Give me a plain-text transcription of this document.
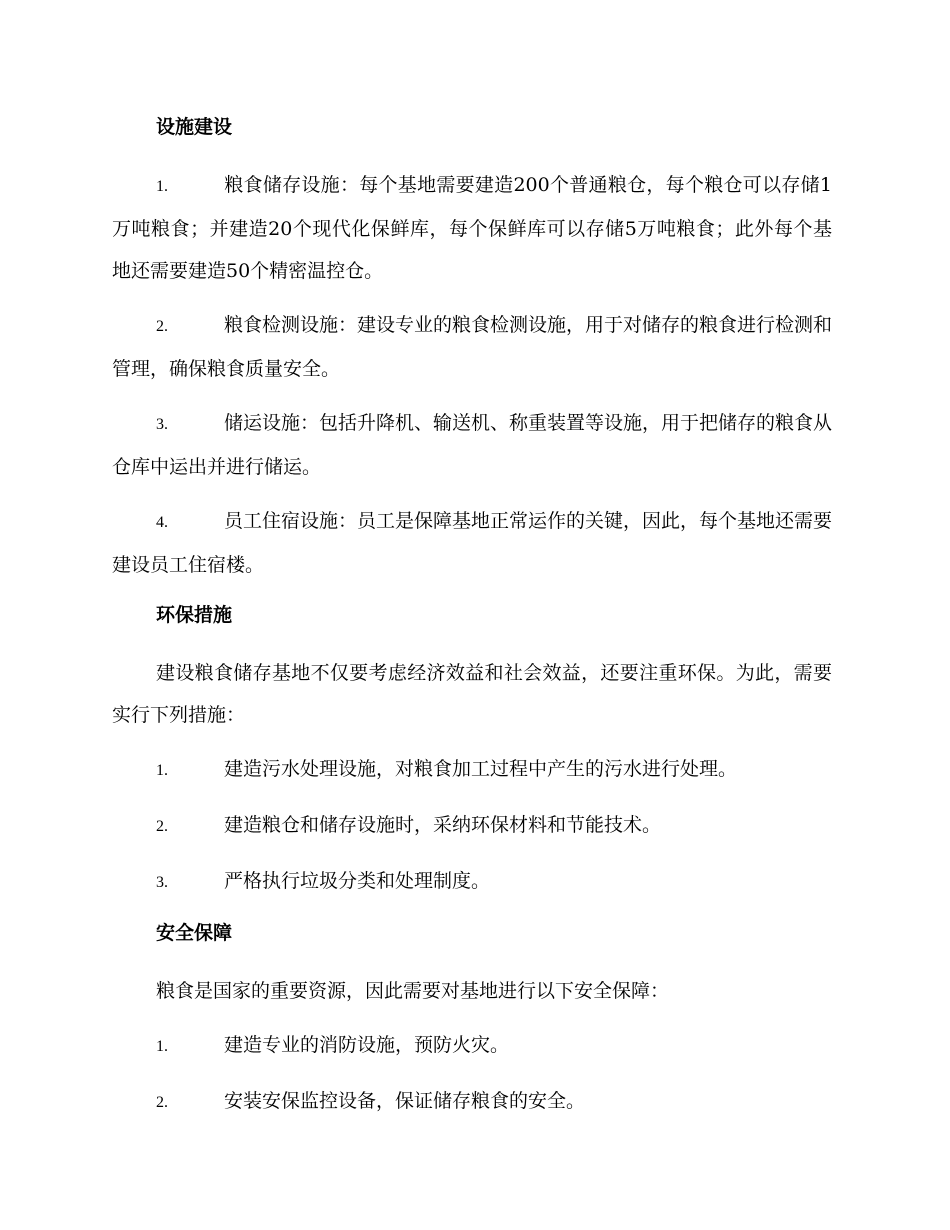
设施建设
1.	粮食储存设施：每个基地需要建造200个普通粮仓，每个粮仓可以存储1万吨粮食；并建造20个现代化保鲜库，每个保鲜库可以存储5万吨粮食；此外每个基地还需要建造50个精密温控仓。
2.	粮食检测设施：建设专业的粮食检测设施，用于对储存的粮食进行检测和管理，确保粮食质量安全。
3.	储运设施：包括升降机、输送机、称重装置等设施，用于把储存的粮食从仓库中运出并进行储运。
4.	员工住宿设施：员工是保障基地正常运作的关键，因此，每个基地还需要建设员工住宿楼。
环保措施
建设粮食储存基地不仅要考虑经济效益和社会效益，还要注重环保。为此，需要实行下列措施：
1.	建造污水处理设施，对粮食加工过程中产生的污水进行处理。
2.	建造粮仓和储存设施时，采纳环保材料和节能技术。
3.	严格执行垃圾分类和处理制度。
安全保障
粮食是国家的重要资源，因此需要对基地进行以下安全保障：
1.	建造专业的消防设施，预防火灾。
2.	安装安保监控设备，保证储存粮食的安全。
